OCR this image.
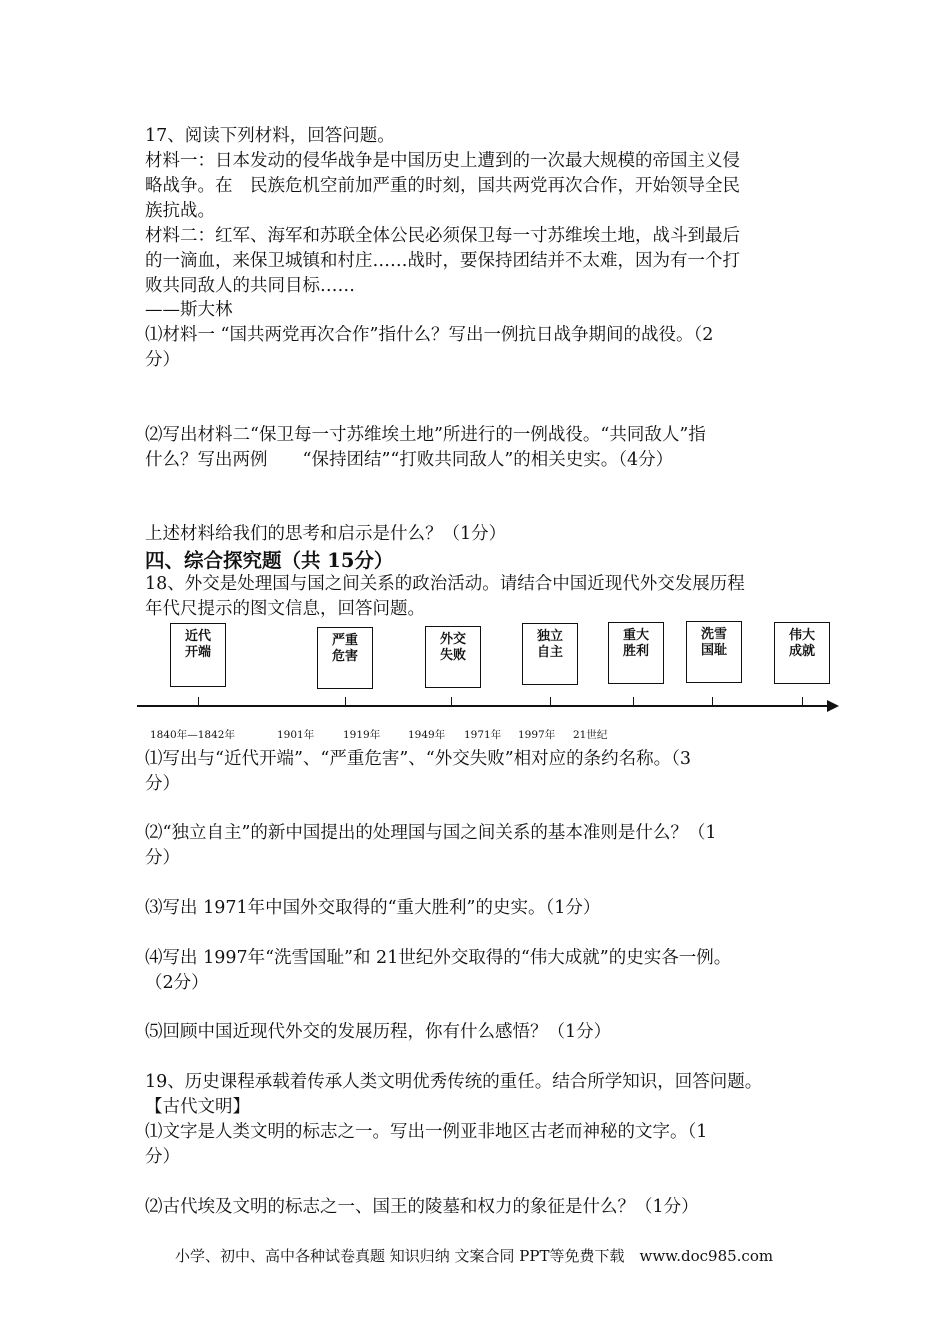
17、阅读下列材料，回答问题。
材料一：日本发动的侵华战争是中国历史上遭到的一次最大规模的帝国主义侵
略战争。在　民族危机空前加严重的时刻，国共两党再次合作，开始领导全民
族抗战。
材料二：红军、海军和苏联全体公民必须保卫每一寸苏维埃土地，战斗到最后
的一滴血，来保卫城镇和村庄……战时，要保持团结并不太难，因为有一个打
败共同敌人的共同目标……
——斯大林
⑴材料一 “国共两党再次合作”指什么？写出一例抗日战争期间的战役。（2
分）
⑵写出材料二“保卫每一寸苏维埃土地”所进行的一例战役。“共同敌人”指
什么？写出两例　　“保持团结”“打败共同敌人”的相关史实。（4分）
上述材料给我们的思考和启示是什么？（1分）
四、综合探究题（共 15分）
18、外交是处理国与国之间关系的政治活动。请结合中国近现代外交发展历程
年代尺提示的图文信息，回答问题。
近代
开端
严重
危害
外交
失败
独立
自主
重大
胜利
洗雪
国耻
伟大
成就
1840年—1842年	1901年	1919年	1949年 1971年 1997年 21世纪
⑴写出与“近代开端”、“严重危害”、“外交失败”相对应的条约名称。（3
分）
⑵“独立自主”的新中国提出的处理国与国之间关系的基本准则是什么？（1
分）
⑶写出 1971年中国外交取得的“重大胜利”的史实。（1分）
⑷写出 1997年“洗雪国耻”和 21世纪外交取得的“伟大成就”的史实各一例。
（2分）
⑸回顾中国近现代外交的发展历程，你有什么感悟？（1分）
19、历史课程承载着传承人类文明优秀传统的重任。结合所学知识，回答问题。
【古代文明】
⑴文字是人类文明的标志之一。写出一例亚非地区古老而神秘的文字。（1
分）
⑵古代埃及文明的标志之一、国王的陵墓和权力的象征是什么？（1分）
小学、初中、高中各种试卷真题 知识归纳 文案合同 PPT等免费下载　www.doc985.com
